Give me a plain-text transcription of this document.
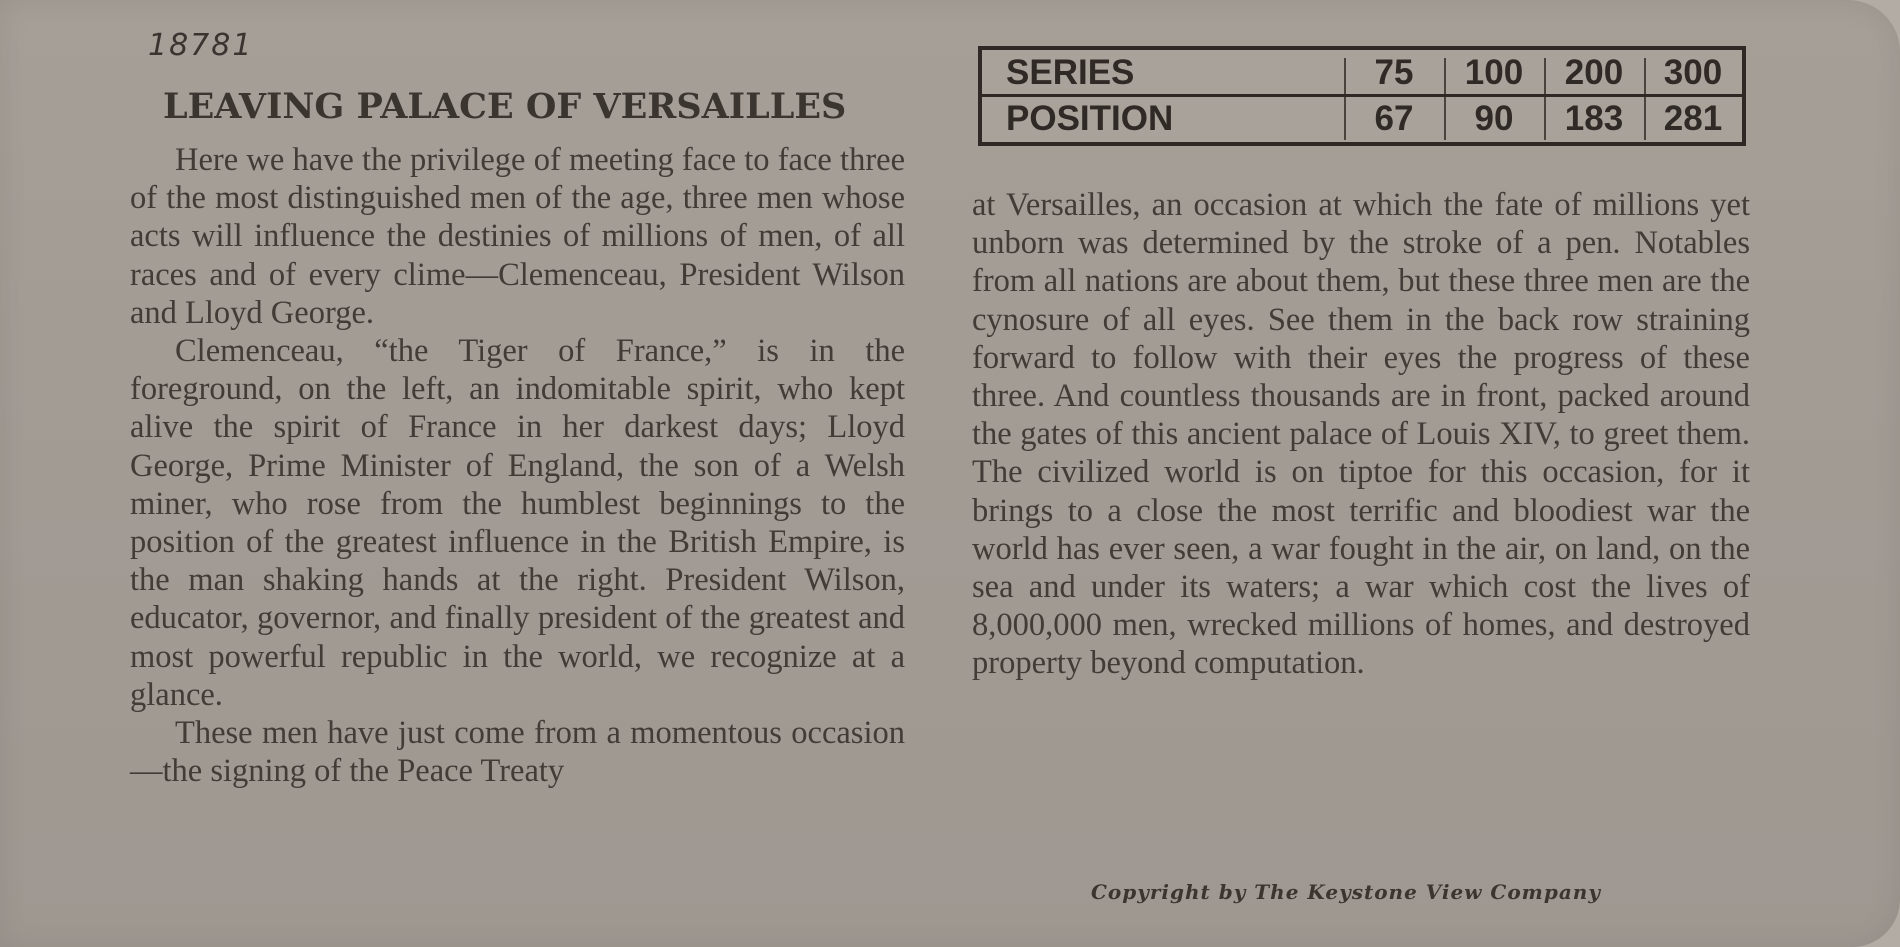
18781
LEAVING PALACE OF VERSAILLES
SERIES	75	100	200	300
POSITION	67	90	183	281

Here we have the privilege of meeting face to face three of the most distinguished men of the age, three men whose acts will influence the destinies of millions of men, of all races and of every clime—Clemenceau, President Wilson and Lloyd George.

Clemenceau, “the Tiger of France,” is in the foreground, on the left, an indomitable spirit, who kept alive the spirit of France in her darkest days; Lloyd George, Prime Minister of England, the son of a Welsh miner, who rose from the humblest beginnings to the position of the greatest influence in the British Empire, is the man shaking hands at the right. President Wilson, educator, governor, and finally president of the greatest and most powerful republic in the world, we recognize at a glance.

These men have just come from a momentous occasion—the signing of the Peace Treaty

at Versailles, an occasion at which the fate of millions yet unborn was determined by the stroke of a pen. Notables from all nations are about them, but these three men are the cynosure of all eyes. See them in the back row straining forward to follow with their eyes the progress of these three. And countless thousands are in front, packed around the gates of this ancient palace of Louis XIV, to greet them. The civilized world is on tiptoe for this occasion, for it brings to a close the most terrific and bloodiest war the world has ever seen, a war fought in the air, on land, on the sea and under its waters; a war which cost the lives of 8,000,000 men, wrecked millions of homes, and destroyed property beyond computation.

Copyright by The Keystone View Company
